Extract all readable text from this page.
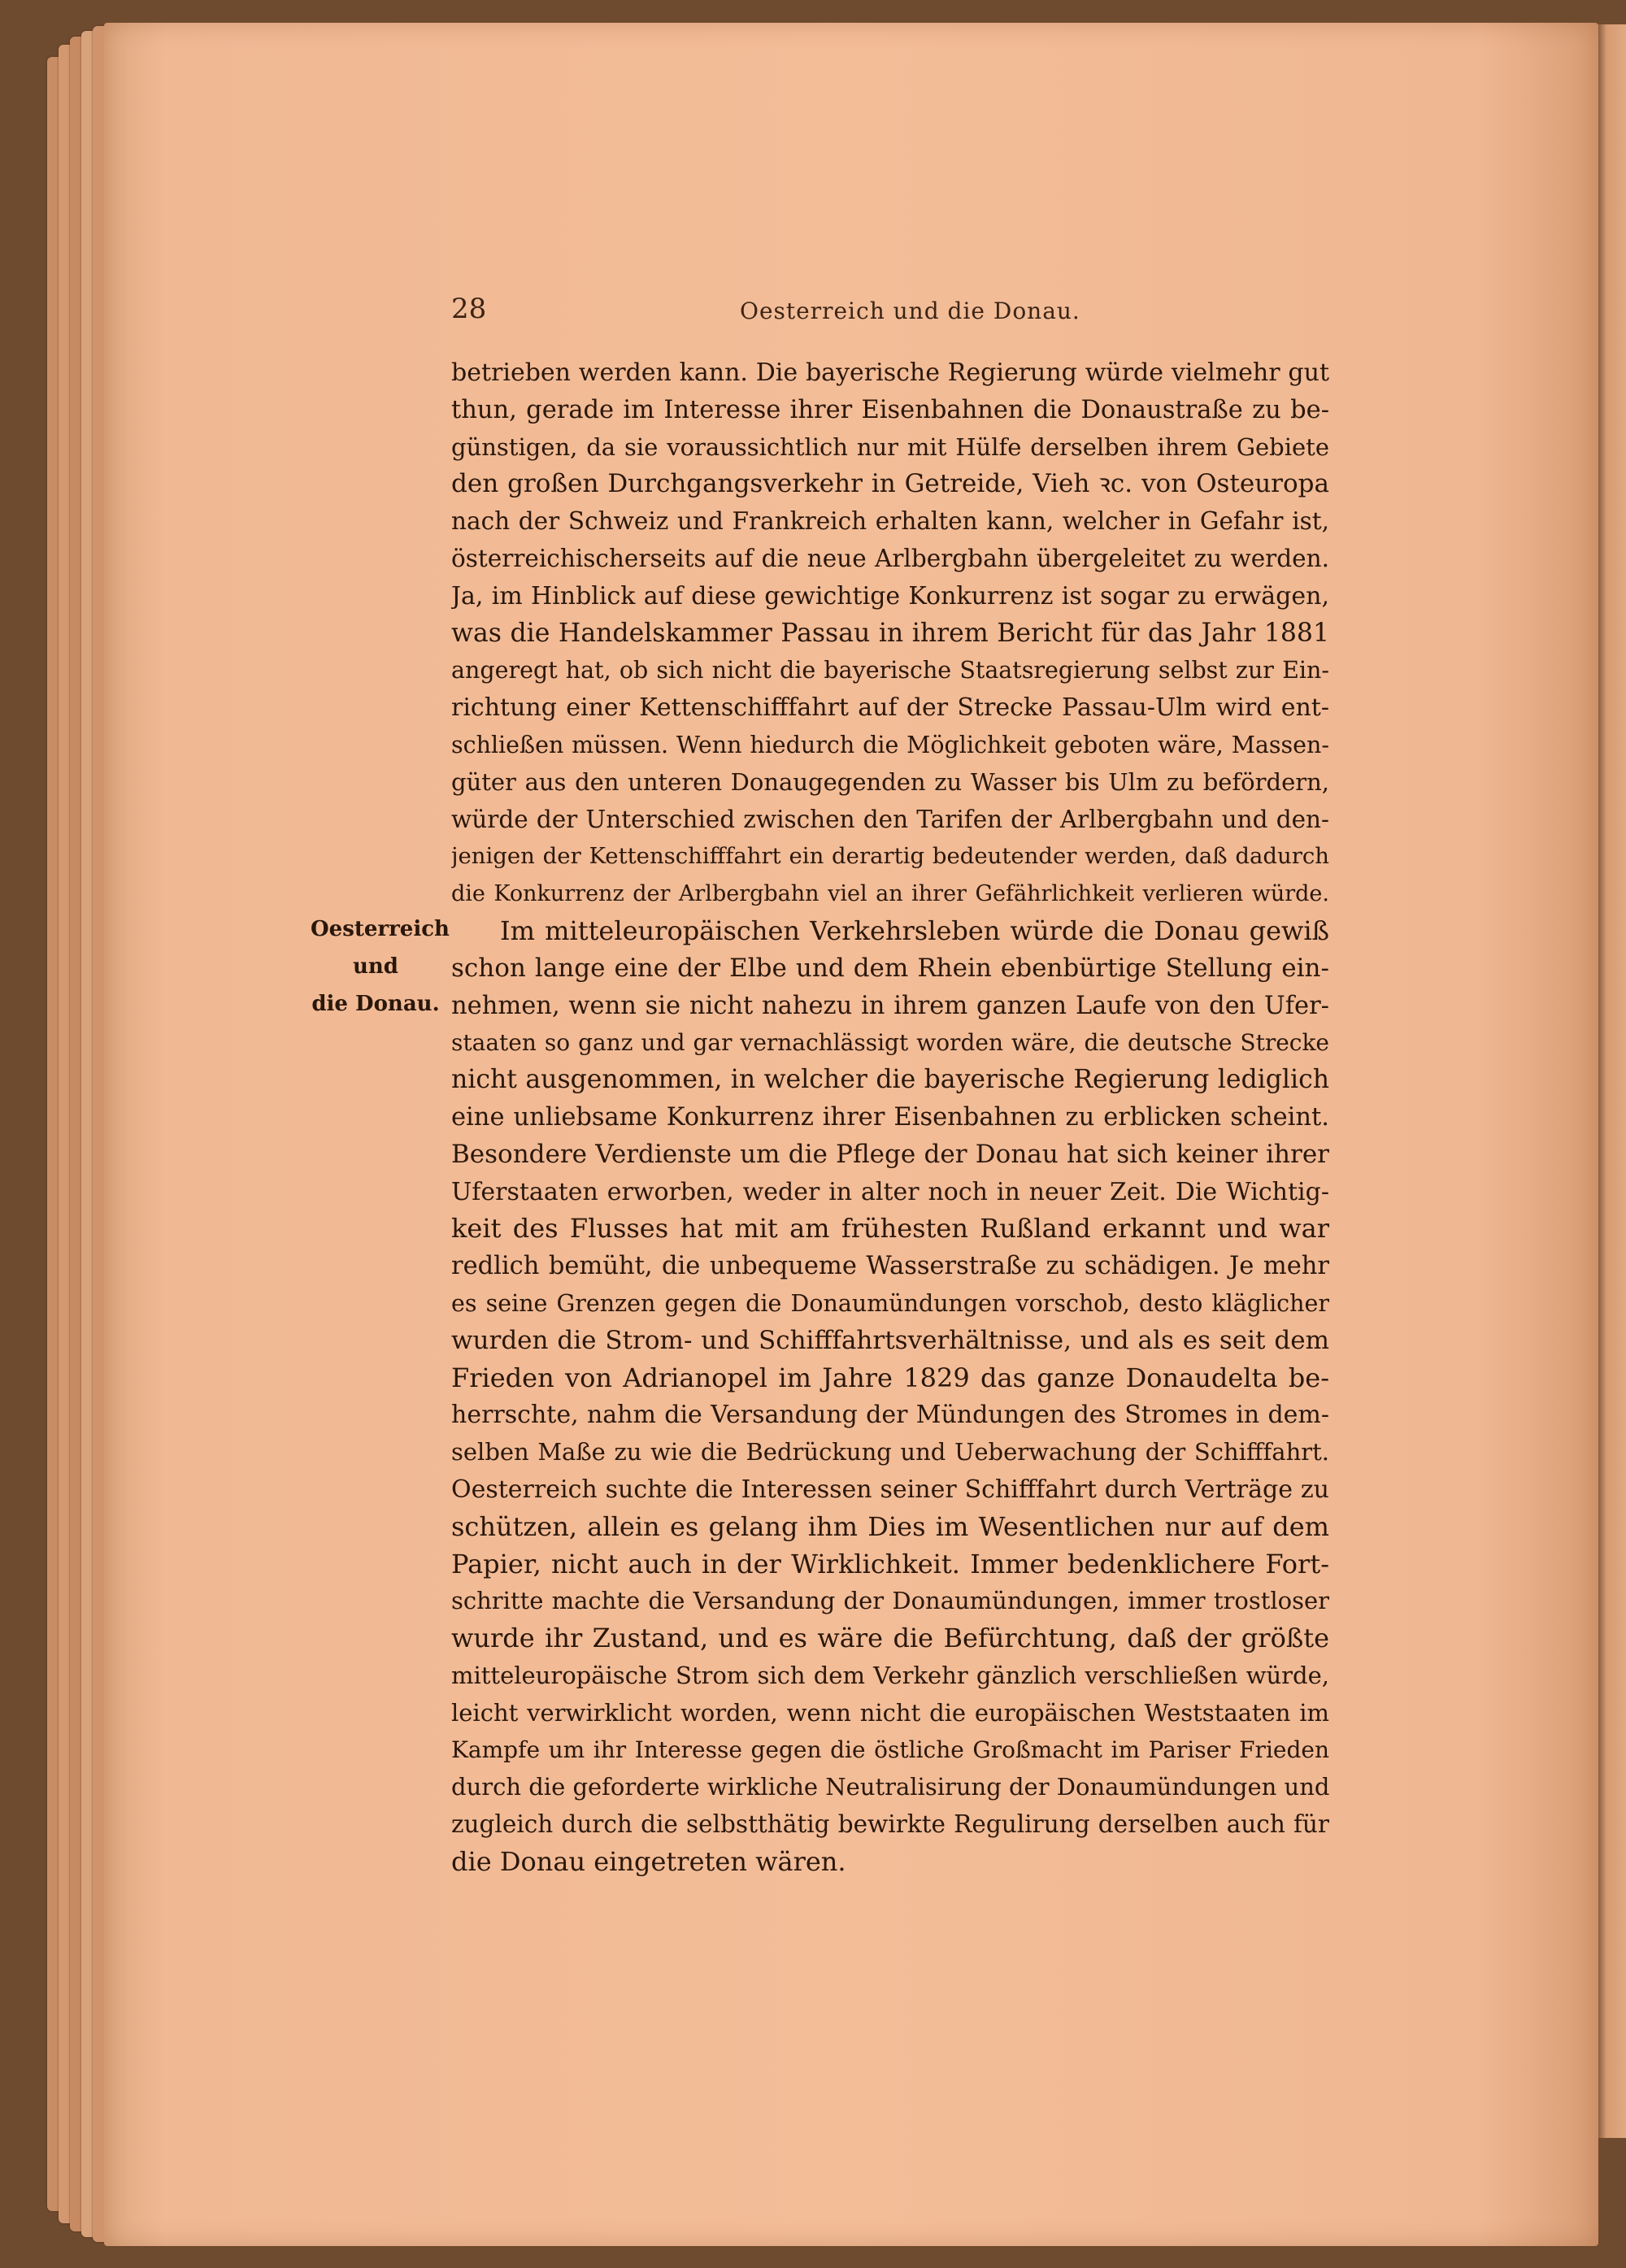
28	Oesterreich und die Donau.

Oesterreich
und
die Donau.

betrieben werden kann. Die bayerische Regierung würde vielmehr gut
thun, gerade im Interesse ihrer Eisenbahnen die Donaustraße zu be-
günstigen, da sie voraussichtlich nur mit Hülfe derselben ihrem Gebiete
den großen Durchgangsverkehr in Getreide, Vieh ꝛc. von Osteuropa
nach der Schweiz und Frankreich erhalten kann, welcher in Gefahr ist,
österreichischerseits auf die neue Arlbergbahn übergeleitet zu werden.
Ja, im Hinblick auf diese gewichtige Konkurrenz ist sogar zu erwägen,
was die Handelskammer Passau in ihrem Bericht für das Jahr 1881
angeregt hat, ob sich nicht die bayerische Staatsregierung selbst zur Ein-
richtung einer Kettenschifffahrt auf der Strecke Passau-Ulm wird ent-
schließen müssen. Wenn hiedurch die Möglichkeit geboten wäre, Massen-
güter aus den unteren Donaugegenden zu Wasser bis Ulm zu befördern,
würde der Unterschied zwischen den Tarifen der Arlbergbahn und den-
jenigen der Kettenschifffahrt ein derartig bedeutender werden, daß dadurch
die Konkurrenz der Arlbergbahn viel an ihrer Gefährlichkeit verlieren würde.
Im mitteleuropäischen Verkehrsleben würde die Donau gewiß
schon lange eine der Elbe und dem Rhein ebenbürtige Stellung ein-
nehmen, wenn sie nicht nahezu in ihrem ganzen Laufe von den Ufer-
staaten so ganz und gar vernachlässigt worden wäre, die deutsche Strecke
nicht ausgenommen, in welcher die bayerische Regierung lediglich
eine unliebsame Konkurrenz ihrer Eisenbahnen zu erblicken scheint.
Besondere Verdienste um die Pflege der Donau hat sich keiner ihrer
Uferstaaten erworben, weder in alter noch in neuer Zeit. Die Wichtig-
keit des Flusses hat mit am frühesten Rußland erkannt und war
redlich bemüht, die unbequeme Wasserstraße zu schädigen. Je mehr
es seine Grenzen gegen die Donaumündungen vorschob, desto kläglicher
wurden die Strom- und Schifffahrtsverhältnisse, und als es seit dem
Frieden von Adrianopel im Jahre 1829 das ganze Donaudelta be-
herrschte, nahm die Versandung der Mündungen des Stromes in dem-
selben Maße zu wie die Bedrückung und Ueberwachung der Schifffahrt.
Oesterreich suchte die Interessen seiner Schifffahrt durch Verträge zu
schützen, allein es gelang ihm Dies im Wesentlichen nur auf dem
Papier, nicht auch in der Wirklichkeit. Immer bedenklichere Fort-
schritte machte die Versandung der Donaumündungen, immer trostloser
wurde ihr Zustand, und es wäre die Befürchtung, daß der größte
mitteleuropäische Strom sich dem Verkehr gänzlich verschließen würde,
leicht verwirklicht worden, wenn nicht die europäischen Weststaaten im
Kampfe um ihr Interesse gegen die östliche Großmacht im Pariser Frieden
durch die geforderte wirkliche Neutralisirung der Donaumündungen und
zugleich durch die selbstthätig bewirkte Regulirung derselben auch für
die Donau eingetreten wären.
